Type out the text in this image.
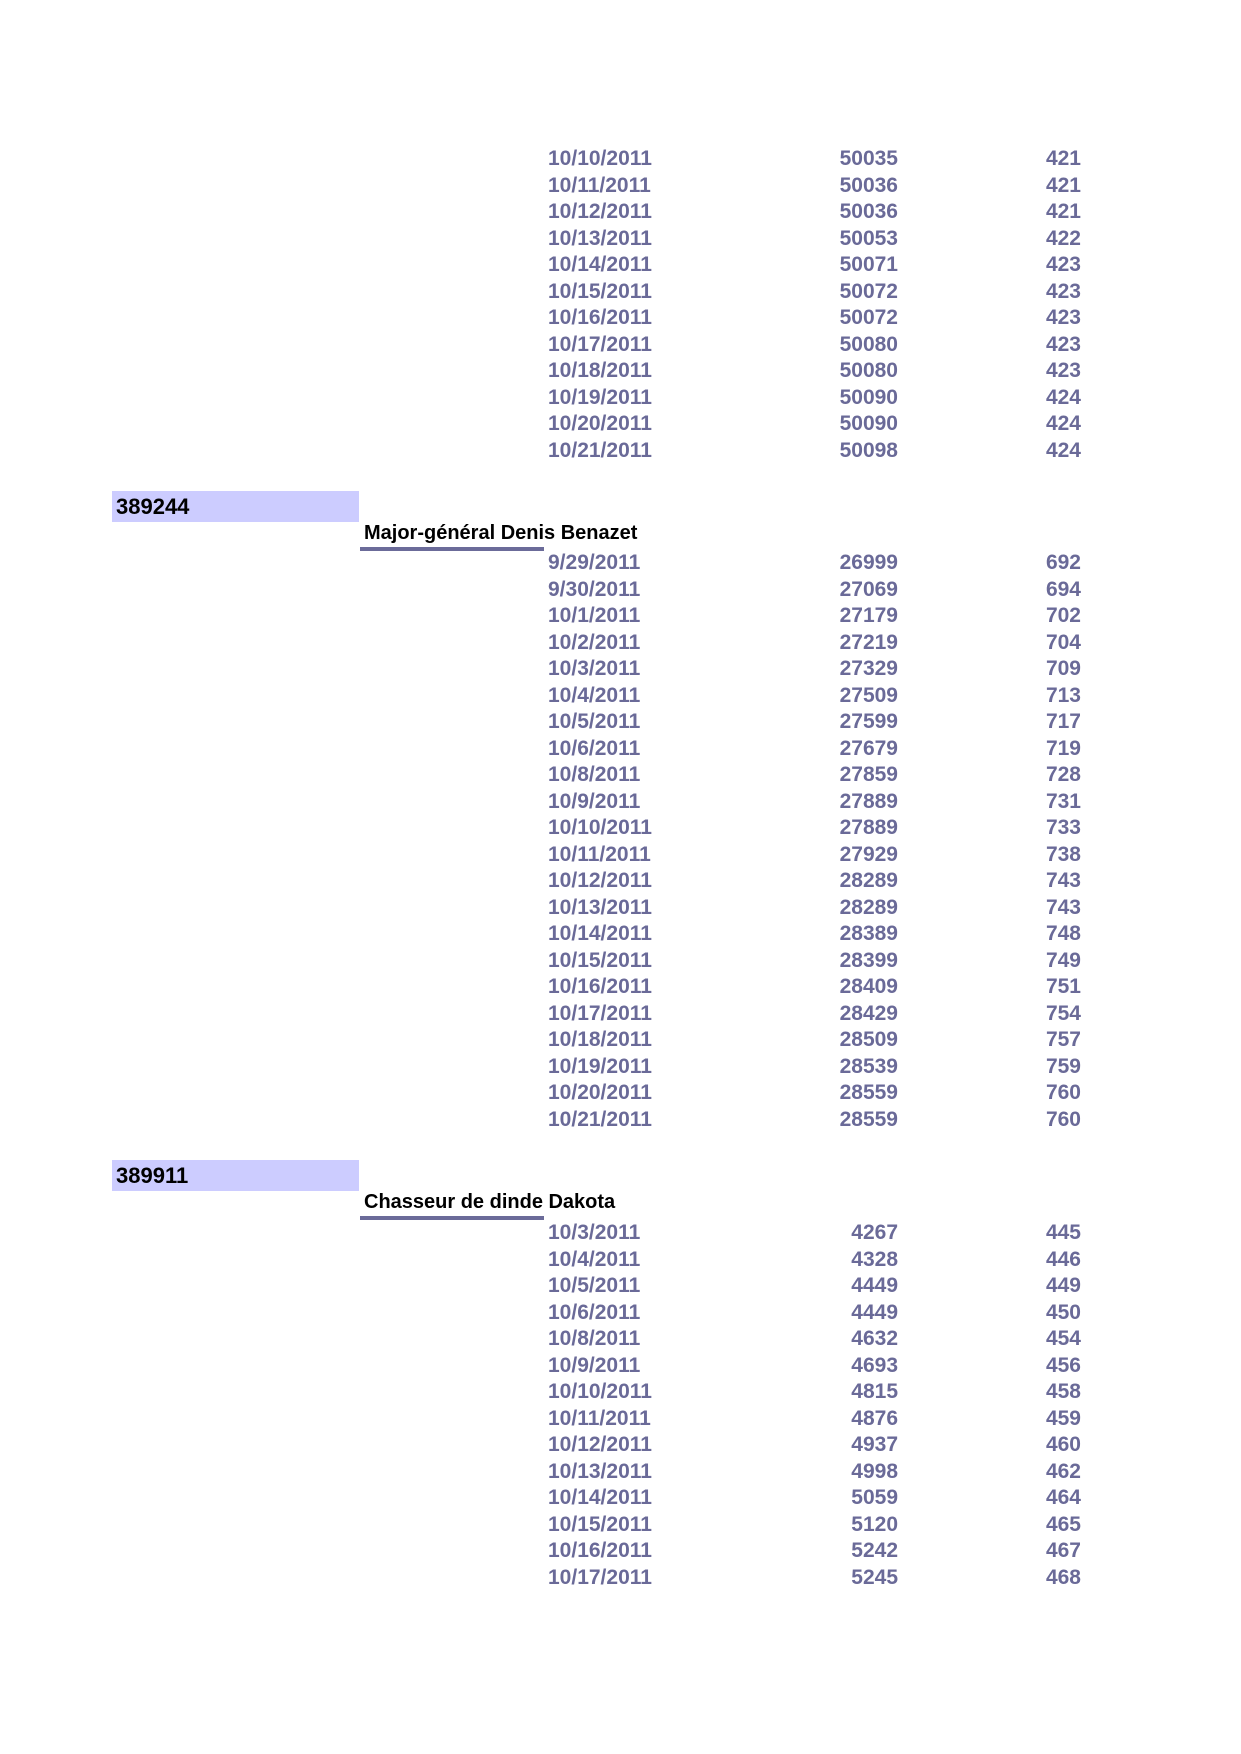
10/10/2011	50035	421
10/11/2011	50036	421
10/12/2011	50036	421
10/13/2011	50053	422
10/14/2011	50071	423
10/15/2011	50072	423
10/16/2011	50072	423
10/17/2011	50080	423
10/18/2011	50080	423
10/19/2011	50090	424
10/20/2011	50090	424
10/21/2011	50098	424
389244
Major-général Denis Benazet
9/29/2011	26999	692
9/30/2011	27069	694
10/1/2011	27179	702
10/2/2011	27219	704
10/3/2011	27329	709
10/4/2011	27509	713
10/5/2011	27599	717
10/6/2011	27679	719
10/8/2011	27859	728
10/9/2011	27889	731
10/10/2011	27889	733
10/11/2011	27929	738
10/12/2011	28289	743
10/13/2011	28289	743
10/14/2011	28389	748
10/15/2011	28399	749
10/16/2011	28409	751
10/17/2011	28429	754
10/18/2011	28509	757
10/19/2011	28539	759
10/20/2011	28559	760
10/21/2011	28559	760
389911
Chasseur de dinde Dakota
10/3/2011	4267	445
10/4/2011	4328	446
10/5/2011	4449	449
10/6/2011	4449	450
10/8/2011	4632	454
10/9/2011	4693	456
10/10/2011	4815	458
10/11/2011	4876	459
10/12/2011	4937	460
10/13/2011	4998	462
10/14/2011	5059	464
10/15/2011	5120	465
10/16/2011	5242	467
10/17/2011	5245	468
